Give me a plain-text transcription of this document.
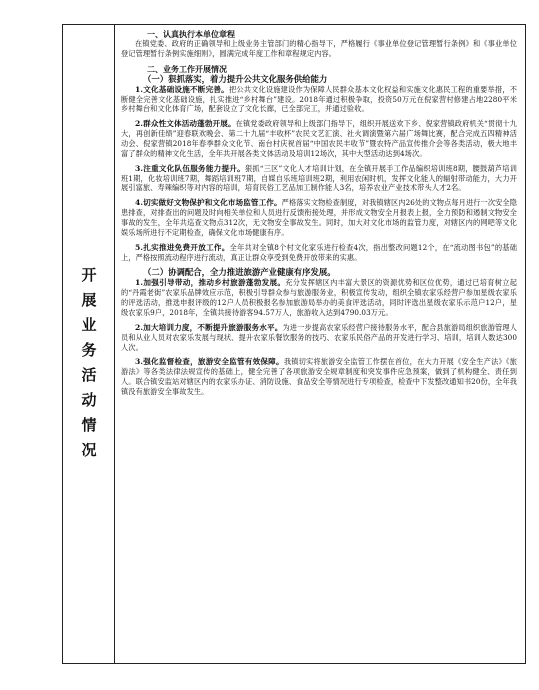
开
展
业
务
活
动
情
况
一、认真执行本单位章程

在镇党委、政府的正确领导和上级业务主管部门的精心指导下，严格履行《事业单位登记管理暂行条例》和《事业单位登记管理暂行条例实施细则》，圆满完成年度工作和章程规定内容。

二、业务工作开展情况
（一）狠抓落实，着力提升公共文化服务供给能力

1.文化基础设施不断完善。把公共文化设施建设作为保障人民群众基本文化权益和实施文化惠民工程的重要举措，不断健全完善文化基础设施，扎实推进“乡村舞台”建设。2018年通过积极争取，投资50万元在倪家营村修建占地2280平米乡村舞台和文化体育广场，配套设立了文化长廊，已全部完工，并通过验收。

2.群众性文体活动蓬勃开展。在镇党委政府领导和上级部门指导下，组织开展送欢下乡、倪家营镇政府机关“贯彻十九大，再创新佳绩”迎春联欢晚会、第二十九届“丰收杯”农民文艺汇演、社火调演暨第六届广场舞比赛，配合完成五四精神活动会、倪家营镇2018年春季群众文化节、南台村庆祝首届“中国农民丰收节”暨农特产品宣传推介会等各类活动，极大地丰富了群众的精神文化生活，全年共开展各类文体活动及培训12场次，其中大型活动达到4场次。

3.注重文化队伍服务能力提升。狠抓“三区”文化人才培训计划，在全镇开展手工作品编织培训班8期，腰鼓葫芦培训班1期，化妆培训班7期，舞蹈培训班7期，自媒自乐班培训班2期，利用农闲时机，发挥文化能人的辐射带动能力，大力开展引富旅、寿辣编织等对内容的培训，培育民俗工艺品加工制作能人3名，培养农业产业技术带头人才2名。

4.切实做好文物保护和文化市场监管工作。严格落实文物检查制度，对我镇辖区内26处的文物点每月进行一次安全隐患排查，对排查出的问题及时向相关单位和人员进行反馈衔接处理，并形成文物安全月报表上报，全力预防和遏制文物安全事故的发生，全年共巡查文物点312次，无文物安全事故发生。同时，加大对文化市场的监管力度，对辖区内的网吧等文化娱乐场所进行不定期检查，确保文化市场健康有序。

5.扎实推进免费开放工作。全年共对全镇8个村文化家乐进行检查4次，指出整改问题12个，在“流动图书包”的基础上，严格按照流动程序进行流动，真正让群众享受到免费开放带来的实惠。

（二）协调配合，全力推进旅游产业健康有序发展。

1.加强引导带动，推动乡村旅游蓬勃发展。充分发挥辖区内丰富大景区的资源优势和区位优势，通过已培育树立起的“丹霞老街”农家乐品牌效应示范，积极引导群众参与旅游服务业，积极宣传发动，组织全镇农家乐经营户参加星级农家乐的评选活动，推选申报评级的12户人员积极报名参加旅游局举办的美食评选活动，同时评选出星级农家乐示范户12户，星级农家乐9户，2018年，全镇共接待游客94.57万人，旅游收入达到4790.03万元。

2.加大培训力度，不断提升旅游服务水平。为进一步提高农家乐经营户接待服务水平，配合县旅游局组织旅游管理人员和从业人员对农家乐发展与现状、提升农家乐餐饮服务的技巧、农家乐民俗产品的开发进行学习、培训，培训人数达300人次。

3.强化监督检查，旅游安全监管有效保障。我镇切实将旅游安全监管工作摆在首位，在大力开展《安全生产法》《旅游法》等各类法律法规宣传的基础上，健全完善了各项旅游安全规章制度和突发事件应急预案，做到了机构健全、责任到人。联合镇安监站对辖区内的农家乐办证、消防设施、食品安全等情况进行专项检查，检查中下发整改通知书20份，全年我镇没有旅游安全事故发生。
